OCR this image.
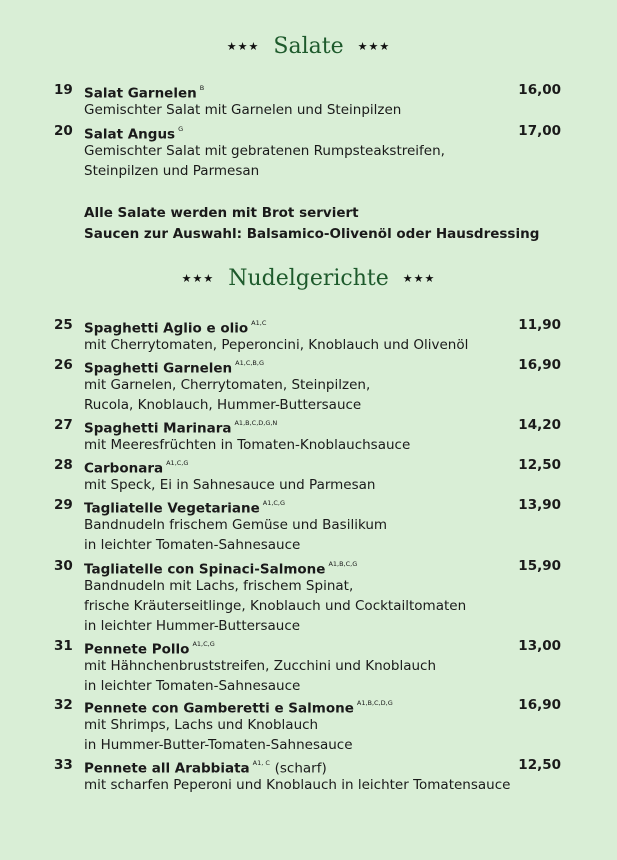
★★★ Salate ★★★
19 Salat Garnelen $^B$	16,00
Gemischter Salat mit Garnelen und Steinpilzen
20 Salat Angus $^G$	17,00
Gemischter Salat mit gebratenen Rumpsteakstreifen,
Steinpilzen und Parmesan
Alle Salate werden mit Brot serviert
Saucen zur Auswahl: Balsamico-Olivenöl oder Hausdressing
★★★ Nudelgerichte ★★★
25 Spaghetti Aglio e olio $^{A1,C}$	11,90
mit Cherrytomaten, Peperoncini, Knoblauch und Olivenöl
26 Spaghetti Garnelen $^{A1,C,B,G}$	16,90
mit Garnelen, Cherrytomaten, Steinpilzen,
Rucola, Knoblauch, Hummer-Buttersauce
27 Spaghetti Marinara $^{A1,B,C,D,G,N}$	14,20
mit Meeresfrüchten in Tomaten-Knoblauchsauce
28 Carbonara $^{A1,C,G}$	12,50
mit Speck, Ei in Sahnesauce und Parmesan
29 Tagliatelle Vegetariane $^{A1,C,G}$	13,90
Bandnudeln frischem Gemüse und Basilikum
in leichter Tomaten-Sahnesauce
30 Tagliatelle con Spinaci-Salmone $^{A1,B,C,G}$	15,90
Bandnudeln mit Lachs, frischem Spinat,
frische Kräuterseitlinge, Knoblauch und Cocktailtomaten
in leichter Hummer-Buttersauce
31 Pennete Pollo $^{A1,C,G}$	13,00
mit Hähnchenbruststreifen, Zucchini und Knoblauch
in leichter Tomaten-Sahnesauce
32 Pennete con Gamberetti e Salmone $^{A1,B,C,D,G}$	16,90
mit Shrimps, Lachs und Knoblauch
in Hummer-Butter-Tomaten-Sahnesauce
33 Pennete all Arabbiata $^{A1, C}$ (scharf)	12,50
mit scharfen Peperoni und Knoblauch in leichter Tomatensauce
